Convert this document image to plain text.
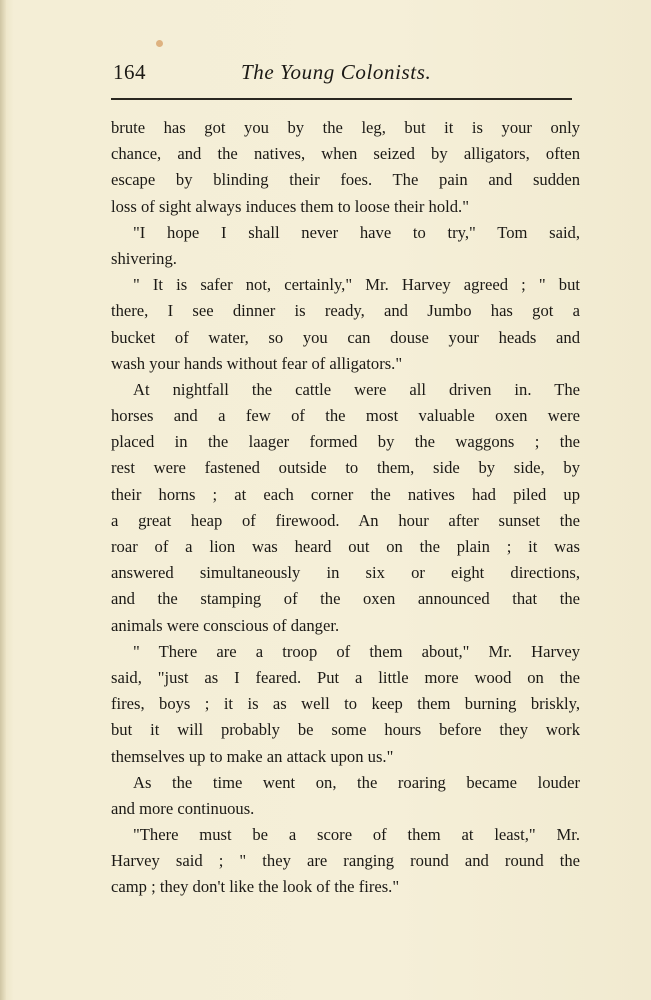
164	The Young Colonists.
brute has got you by the leg, but it is your only
chance, and the natives, when seized by alligators, often
escape by blinding their foes. The pain and sudden
loss of sight always induces them to loose their hold."
"I hope I shall never have to try," Tom said,
shivering.
" It is safer not, certainly," Mr. Harvey agreed ; " but
there, I see dinner is ready, and Jumbo has got a
bucket of water, so you can douse your heads and
wash your hands without fear of alligators."
At nightfall the cattle were all driven in. The
horses and a few of the most valuable oxen were
placed in the laager formed by the waggons ; the
rest were fastened outside to them, side by side, by
their horns ; at each corner the natives had piled up
a great heap of firewood. An hour after sunset the
roar of a lion was heard out on the plain ; it was
answered simultaneously in six or eight directions,
and the stamping of the oxen announced that the
animals were conscious of danger.
" There are a troop of them about," Mr. Harvey
said, "just as I feared. Put a little more wood on the
fires, boys ; it is as well to keep them burning briskly,
but it will probably be some hours before they work
themselves up to make an attack upon us."
As the time went on, the roaring became louder
and more continuous.
"There must be a score of them at least," Mr.
Harvey said ; " they are ranging round and round the
camp ; they don't like the look of the fires."
